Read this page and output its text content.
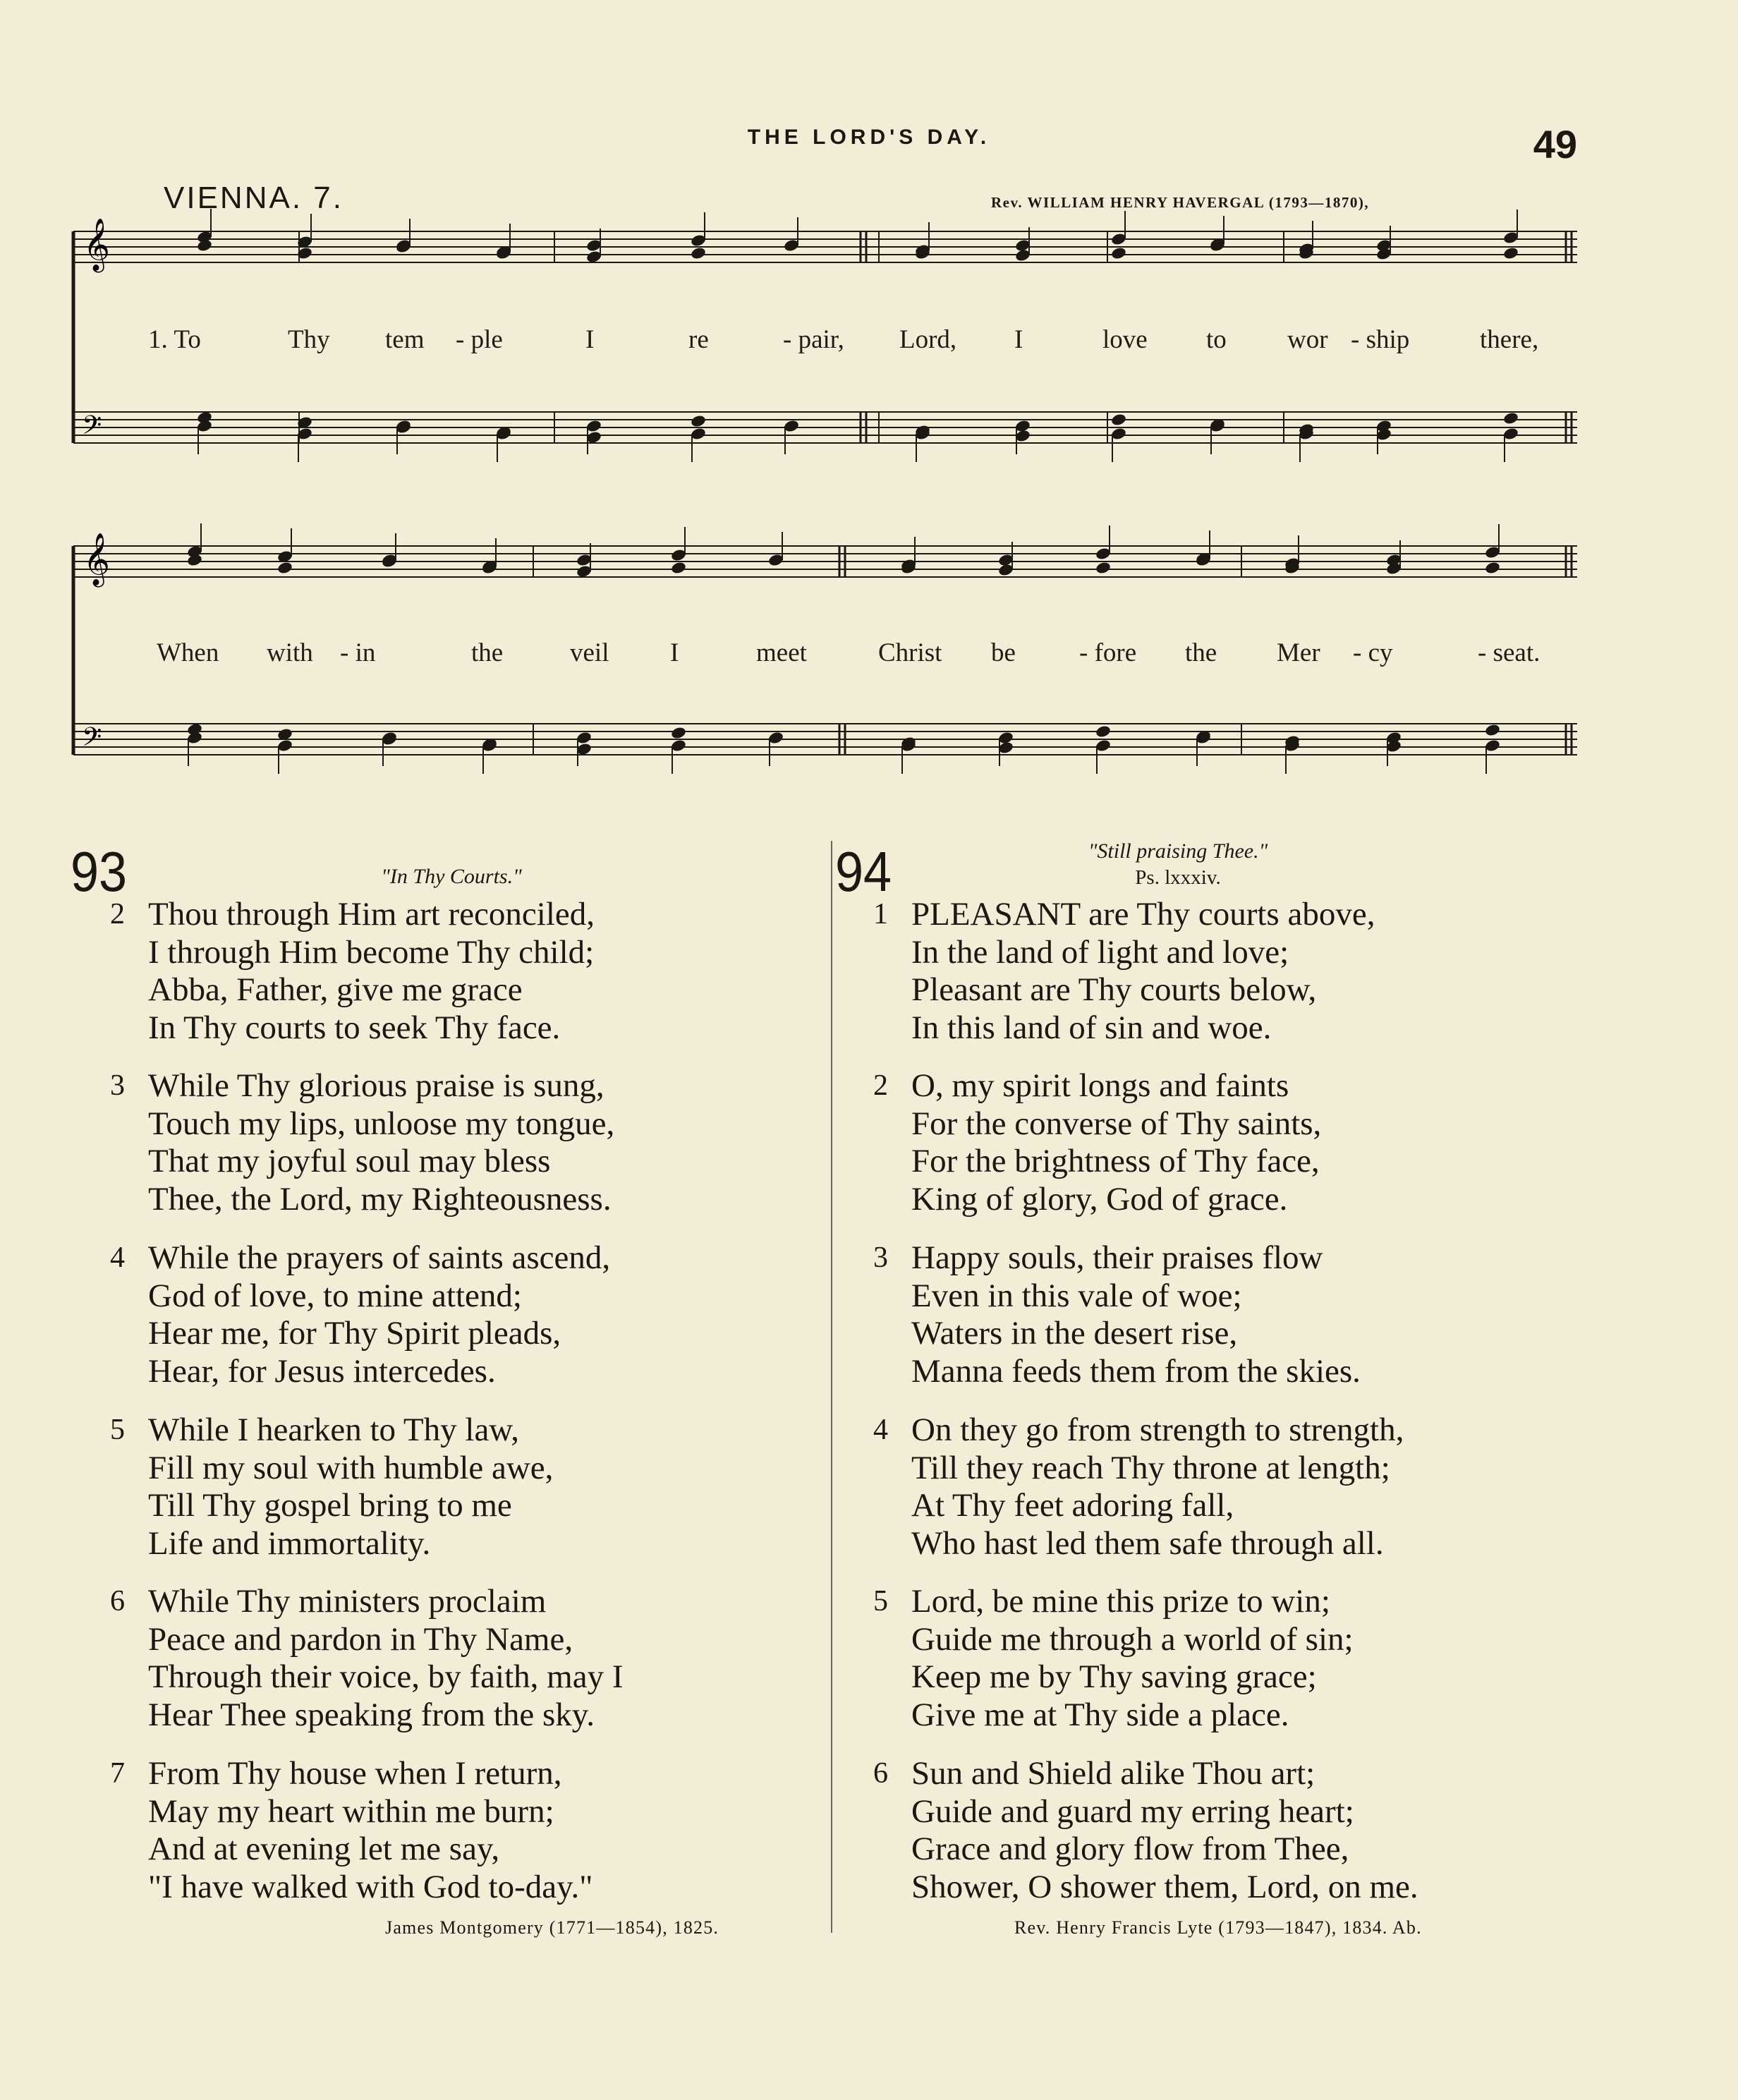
THE LORD'S DAY.	49
VIENNA. 7.	Rev. WILLIAM HENRY HAVERGAL (1793—1870),
𝄞
𝄢
𝄞
𝄢
1. To	Thy tem - ple	I	re	- pair, Lord, I	love to wor - ship	there,
When with - in	the	veil I	meet	Christ be - fore the Mer - cy	- seat.
93	"In Thy Courts."	94	"Still praising Thee."
Ps. lxxxiv.
2 Thou through Him art reconciled,
I through Him become Thy child;
Abba, Father, give me grace
In Thy courts to seek Thy face.
3 While Thy glorious praise is sung,
Touch my lips, unloose my tongue,
That my joyful soul may bless
Thee, the Lord, my Righteousness.
4 While the prayers of saints ascend,
God of love, to mine attend;
Hear me, for Thy Spirit pleads,
Hear, for Jesus intercedes.
5 While I hearken to Thy law,
Fill my soul with humble awe,
Till Thy gospel bring to me
Life and immortality.
6 While Thy ministers proclaim
Peace and pardon in Thy Name,
Through their voice, by faith, may I
Hear Thee speaking from the sky.
7 From Thy house when I return,
May my heart within me burn;
And at evening let me say,
"I have walked with God to-day."
1 PLEASANT are Thy courts above,
In the land of light and love;
Pleasant are Thy courts below,
In this land of sin and woe.
2 O, my spirit longs and faints
For the converse of Thy saints,
For the brightness of Thy face,
King of glory, God of grace.
3 Happy souls, their praises flow
Even in this vale of woe;
Waters in the desert rise,
Manna feeds them from the skies.
4 On they go from strength to strength,
Till they reach Thy throne at length;
At Thy feet adoring fall,
Who hast led them safe through all.
5 Lord, be mine this prize to win;
Guide me through a world of sin;
Keep me by Thy saving grace;
Give me at Thy side a place.
6 Sun and Shield alike Thou art;
Guide and guard my erring heart;
Grace and glory flow from Thee,
Shower, O shower them, Lord, on me.
James Montgomery (1771—1854), 1825.	Rev. Henry Francis Lyte (1793—1847), 1834. Ab.
